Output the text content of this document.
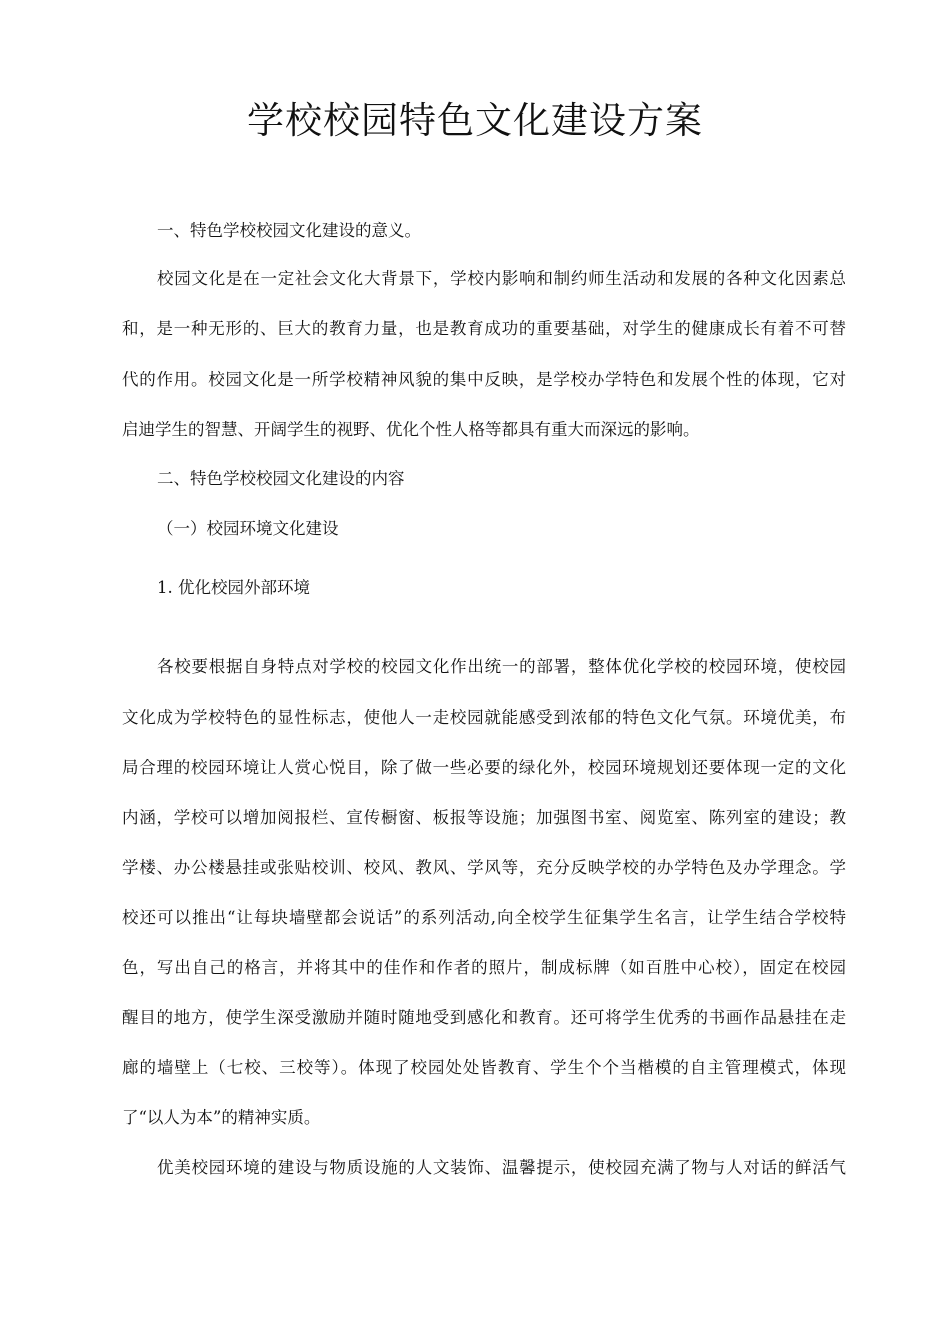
学校校园特色文化建设方案
一、特色学校校园文化建设的意义。
校园文化是在一定社会文化大背景下，学校内影响和制约师生活动和发展的各种文化因素总
和，是一种无形的、巨大的教育力量，也是教育成功的重要基础，对学生的健康成长有着不可替
代的作用。校园文化是一所学校精神风貌的集中反映，是学校办学特色和发展个性的体现，它对
启迪学生的智慧、开阔学生的视野、优化个性人格等都具有重大而深远的影响。
二、特色学校校园文化建设的内容
（一）校园环境文化建设
1. 优化校园外部环境
各校要根据自身特点对学校的校园文化作出统一的部署，整体优化学校的校园环境，使校园
文化成为学校特色的显性标志，使他人一走校园就能感受到浓郁的特色文化气氛。环境优美，布
局合理的校园环境让人赏心悦目，除了做一些必要的绿化外，校园环境规划还要体现一定的文化
内涵，学校可以增加阅报栏、宣传橱窗、板报等设施；加强图书室、阅览室、陈列室的建设；教
学楼、办公楼悬挂或张贴校训、校风、教风、学风等，充分反映学校的办学特色及办学理念。学
校还可以推出“让每块墙壁都会说话”的系列活动,向全校学生征集学生名言，让学生结合学校特
色，写出自己的格言，并将其中的佳作和作者的照片，制成标牌（如百胜中心校），固定在校园
醒目的地方，使学生深受激励并随时随地受到感化和教育。还可将学生优秀的书画作品悬挂在走
廊的墙壁上（七校、三校等）。体现了校园处处皆教育、学生个个当楷模的自主管理模式，体现
了“以人为本”的精神实质。
优美校园环境的建设与物质设施的人文装饰、温馨提示，使校园充满了物与人对话的鲜活气
